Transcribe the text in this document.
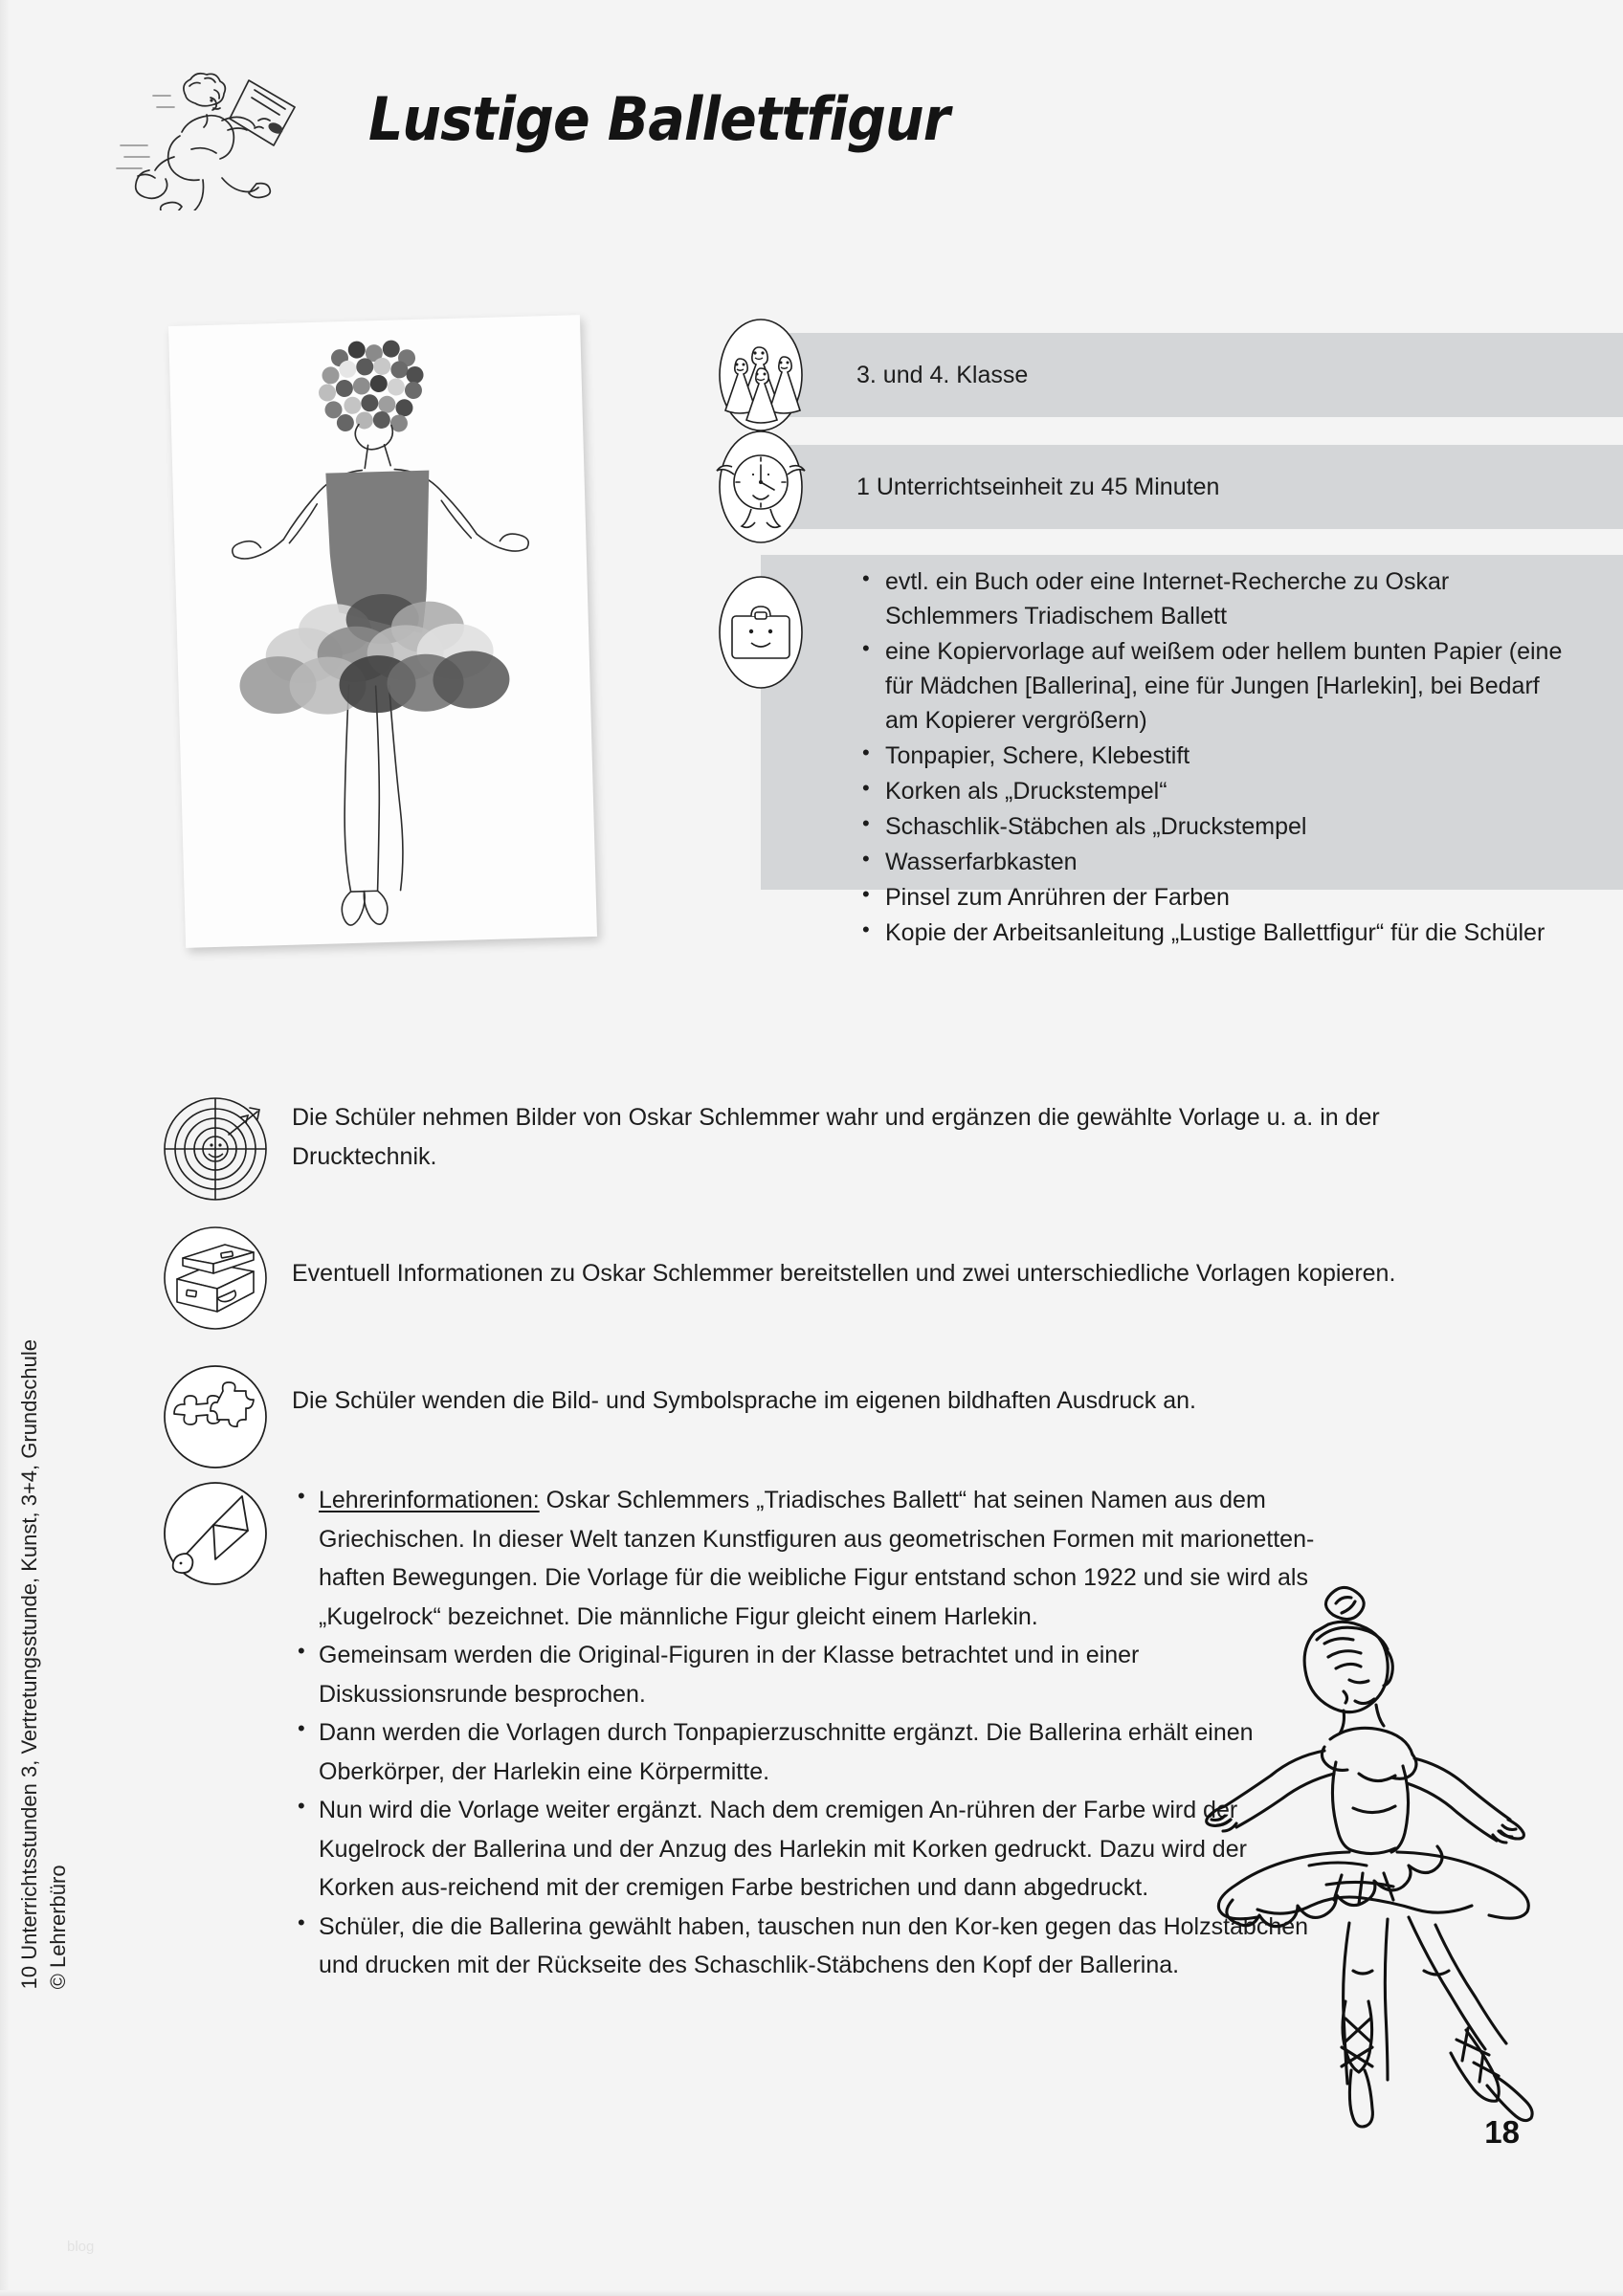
Lustige Ballettfigur
3. und 4. Klasse
1 Unterrichtseinheit zu 45 Minuten
• evtl. ein Buch oder eine Internet-Recherche zu Oskar Schlemmers Triadischem Ballett
• eine Kopiervorlage auf weißem oder hellem bunten Papier (eine für Mädchen [Ballerina], eine für Jungen [Harlekin], bei Bedarf am Kopierer vergrößern)
• Tonpapier, Schere, Klebestift
• Korken als „Druckstempel“
• Schaschlik-Stäbchen als „Druckstempel
• Wasserfarbkasten
• Pinsel zum Anrühren der Farben
• Kopie der Arbeitsanleitung „Lustige Ballettfigur“ für die Schüler
Die Schüler nehmen Bilder von Oskar Schlemmer wahr und ergänzen die gewählte Vorlage u. a. in der Drucktechnik.
Eventuell Informationen zu Oskar Schlemmer bereitstellen und zwei unterschiedliche Vorlagen kopieren.
Die Schüler wenden die Bild- und Symbolsprache im eigenen bildhaften Ausdruck an.
• Lehrerinformationen: Oskar Schlemmers „Triadisches Ballett“ hat seinen Namen aus dem Griechischen. In dieser Welt tanzen Kunstfiguren aus geometrischen Formen mit marionetten-haften Bewegungen. Die Vorlage für die weibliche Figur entstand schon 1922 und sie wird als „Kugelrock“ bezeichnet. Die männliche Figur gleicht einem Harlekin.
• Gemeinsam werden die Original-Figuren in der Klasse betrachtet und in einer Diskussionsrunde besprochen.
• Dann werden die Vorlagen durch Tonpapierzuschnitte ergänzt. Die Ballerina erhält einen Oberkörper, der Harlekin eine Körpermitte.
• Nun wird die Vorlage weiter ergänzt. Nach dem cremigen An-rühren der Farbe wird der Kugelrock der Ballerina und der Anzug des Harlekin mit Korken gedruckt. Dazu wird der Korken aus-reichend mit der cremigen Farbe bestrichen und dann abgedruckt.
• Schüler, die die Ballerina gewählt haben, tauschen nun den Kor-ken gegen das Holzstäbchen und drucken mit der Rückseite des Schaschlik-Stäbchens den Kopf der Ballerina.
10 Unterrichtsstunden 3, Vertretungsstunde, Kunst, 3+4, Grundschule © Lehrerbüro
18
blog
